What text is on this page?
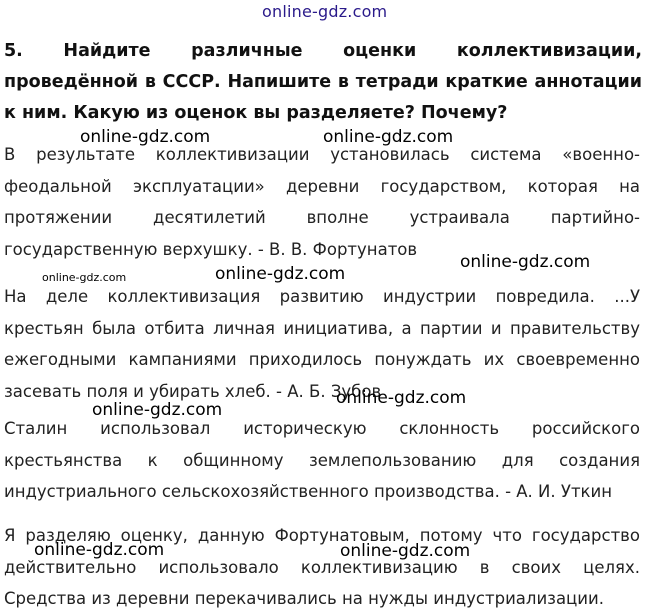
5. Найдите различные оценки коллективизации, проведённой в СССР. Напишите в тетради краткие аннотации к ним. Какую из оценок вы разделяете? Почему?
В результате коллективизации установилась система «военно-феодальной эксплуатации» деревни государством, которая на протяжении десятилетий вполне устраивала партийно-государственную верхушку. - В. В. Фортунатов
На деле коллективизация развитию индустрии повредила. ...У крестьян была отбита личная инициатива, а партии и правительству ежегодными кампаниями приходилось понуждать их своевременно засевать поля и убирать хлеб. - А. Б. Зубов
Сталин использовал историческую склонность российского крестьянства к общинному землепользованию для создания индустриального сельскохозяйственного производства. - А. И. Уткин
Я разделяю оценку, данную Фортунатовым, потому что государство действительно использовало коллективизацию в своих целях. Средства из деревни перекачивались на нужды индустриализации.
online-gdz.com
online-gdz.com	online-gdz.com
online-gdz.com	online-gdz.com
online-gdz.com
online-gdz.com
online-gdz.com
online-gdz.com	online-gdz.com
